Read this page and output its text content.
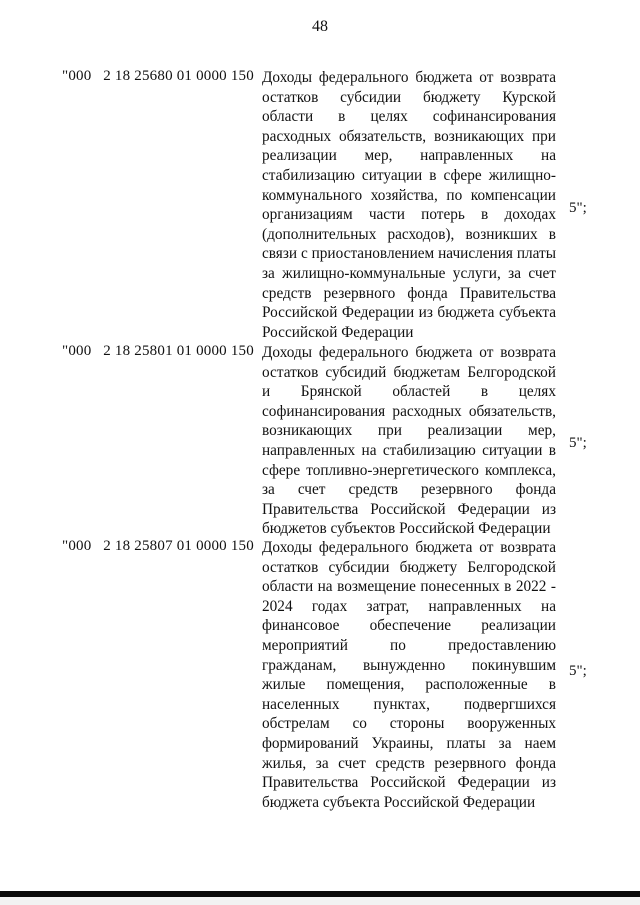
48
"000   2 18 25680 01 0000 150 Доходы федерального бюджета от возврата остатков субсидии бюджету Курской области в целях софинансирования расходных обязательств, возникающих при реализации мер, направленных на стабилизацию ситуации в сфере жилищно-коммунального хозяйства, по компенсации организациям части потерь в доходах (дополнительных расходов), возникших в связи с приостановлением начисления платы за жилищно-коммунальные услуги, за счет средств резервного фонда Правительства Российской Федерации из бюджета субъекта Российской Федерации
5";
"000   2 18 25801 01 0000 150 Доходы федерального бюджета от возврата остатков субсидий бюджетам Белгородской и Брянской областей в целях софинансирования расходных обязательств, возникающих при реализации мер, направленных на стабилизацию ситуации в сфере топливно-энергетического комплекса, за счет средств резервного фонда Правительства Российской Федерации из бюджетов субъектов Российской Федерации
5";
"000   2 18 25807 01 0000 150 Доходы федерального бюджета от возврата остатков субсидии бюджету Белгородской области на возмещение понесенных в 2022 - 2024 годах затрат, направленных на финансовое обеспечение реализации мероприятий по предоставлению гражданам, вынужденно покинувшим жилые помещения, расположенные в населенных пунктах, подвергшихся обстрелам со стороны вооруженных формирований Украины, платы за наем жилья, за счет средств резервного фонда Правительства Российской Федерации из бюджета субъекта Российской Федерации
5";
